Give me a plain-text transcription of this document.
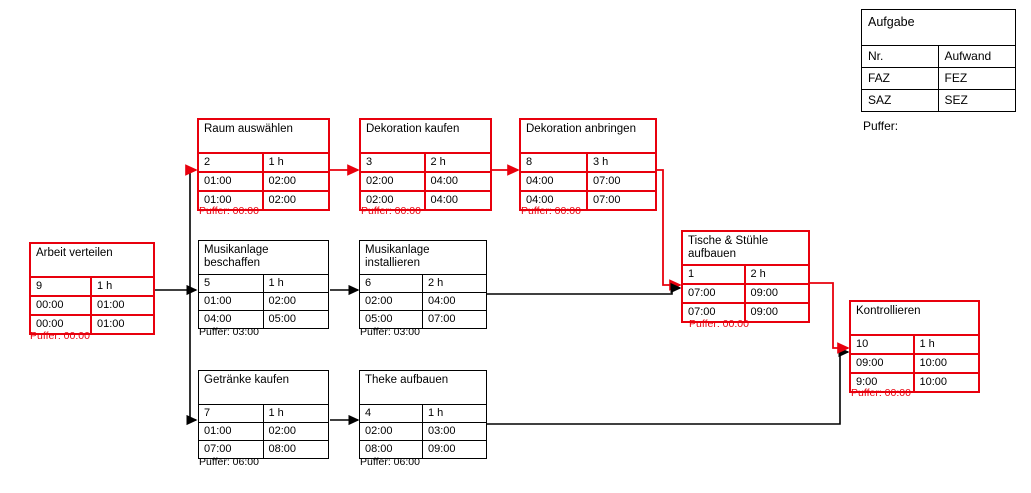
Arbeit verteilen
9	1 h
00:00	01:00
00:00	01:00
Puffer: 00:00
Raum auswählen
2	1 h
01:00	02:00
01:00	02:00
Puffer: 00:00
Dekoration kaufen
3	2 h
02:00	04:00
02:00	04:00
Puffer: 00:00
Dekoration anbringen
8	3 h
04:00	07:00
04:00	07:00
Puffer: 00:00
Musikanlage beschaffen
5	1 h
01:00	02:00
04:00	05:00
Puffer: 03:00
Musikanlage installieren
6	2 h
02:00	04:00
05:00	07:00
Puffer: 03:00
Getränke kaufen
7	1 h
01:00	02:00
07:00	08:00
Puffer: 06:00
Theke aufbauen
4	1 h
02:00	03:00
08:00	09:00
Puffer: 06:00
Tische & Stühle aufbauen
1	2 h
07:00	09:00
07:00	09:00
Puffer: 00:00
Kontrollieren
10	1 h
09:00	10:00
9:00	10:00
Puffer: 00:00
Aufgabe
Nr.	Aufwand
FAZ	FEZ
SAZ	SEZ
Puffer:
